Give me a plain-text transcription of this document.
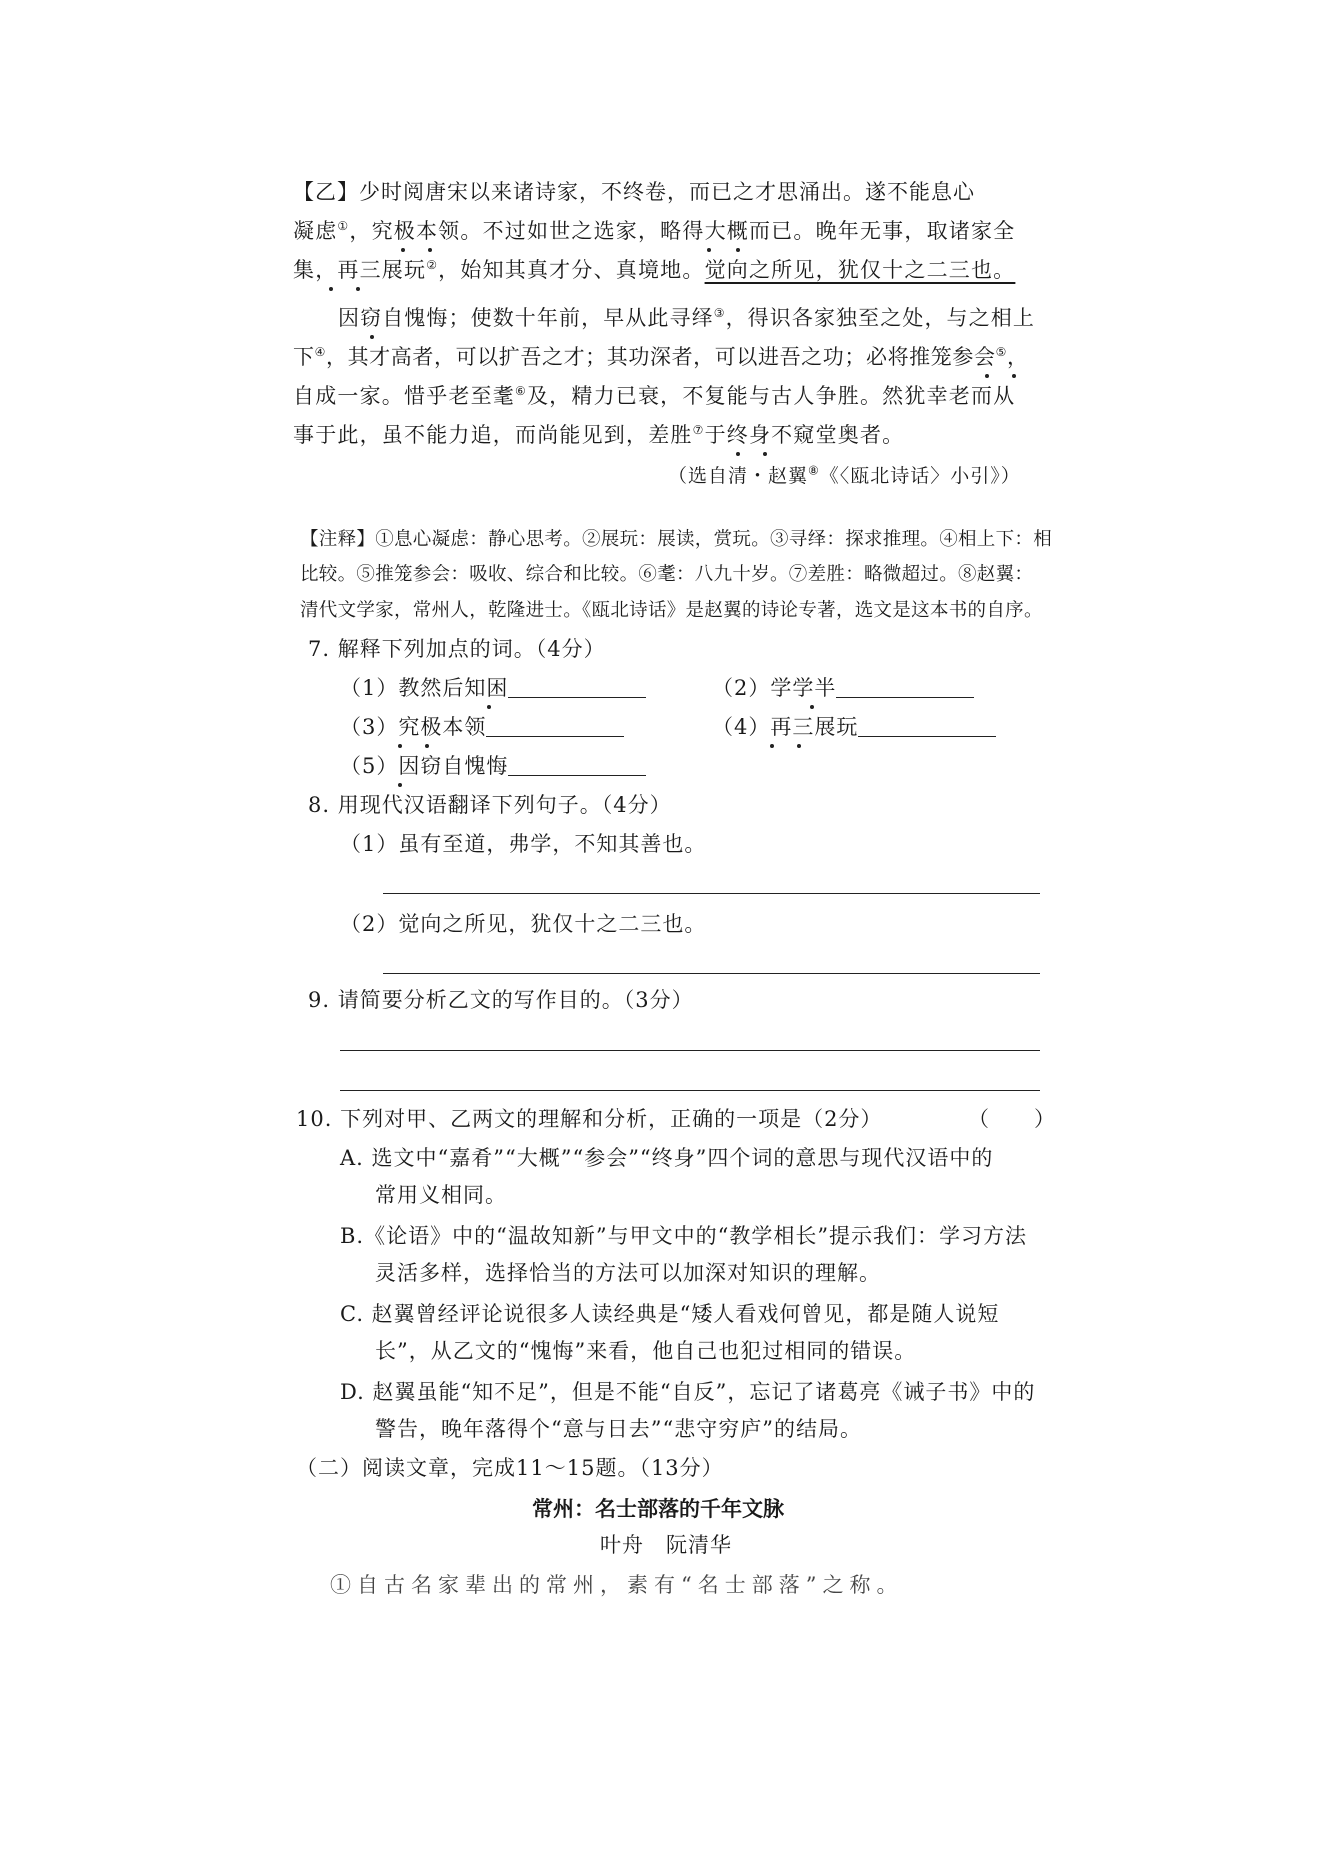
【乙】少时阅唐宋以来诸诗家，不终卷，而已之才思涌出。遂不能息心
凝虑①，究极本领。不过如世之选家，略得大概而已。晚年无事，取诸家全
集，再三展玩②，始知其真才分、真境地。觉向之所见，犹仅十之二三也。
因窃自愧悔；使数十年前，早从此寻绎③，得识各家独至之处，与之相上
下④，其才高者，可以扩吾之才；其功深者，可以进吾之功；必将推笼参会⑤，
自成一家。惜乎老至耄⑥及，精力已衰，不复能与古人争胜。然犹幸老而从
事于此，虽不能力追，而尚能见到，差胜⑦于终身不窥堂奥者。
（选自清・赵翼⑧《〈瓯北诗话〉小引》）
【注释】①息心凝虑：静心思考。②展玩：展读，赏玩。③寻绎：探求推理。④相上下：相
比较。⑤推笼参会：吸收、综合和比较。⑥耄：八九十岁。⑦差胜：略微超过。⑧赵翼：
清代文学家，常州人，乾隆进士。《瓯北诗话》是赵翼的诗论专著，选文是这本书的自序。
7. 解释下列加点的词。（4分）
（1）教然后知困	（2）学学半
（3）究极本领	（4）再三展玩
（5）因窃自愧悔
8. 用现代汉语翻译下列句子。（4分）
（1）虽有至道，弗学，不知其善也。
（2）觉向之所见，犹仅十之二三也。
9. 请简要分析乙文的写作目的。（3分）
10. 下列对甲、乙两文的理解和分析，正确的一项是（2分）	（　　）
A. 选文中“嘉肴”“大概”“参会”“终身”四个词的意思与现代汉语中的
常用义相同。
B.《论语》中的“温故知新”与甲文中的“教学相长”提示我们：学习方法
灵活多样，选择恰当的方法可以加深对知识的理解。
C. 赵翼曾经评论说很多人读经典是“矮人看戏何曾见，都是随人说短
长”，从乙文的“愧悔”来看，他自己也犯过相同的错误。
D. 赵翼虽能“知不足”，但是不能“自反”，忘记了诸葛亮《诫子书》中的
警告，晚年落得个“意与日去”“悲守穷庐”的结局。
（二）阅读文章，完成11～15题。（13分）
常州：名士部落的千年文脉
叶舟　阮清华
①自古名家辈出的常州，素有“名士部落”之称。
